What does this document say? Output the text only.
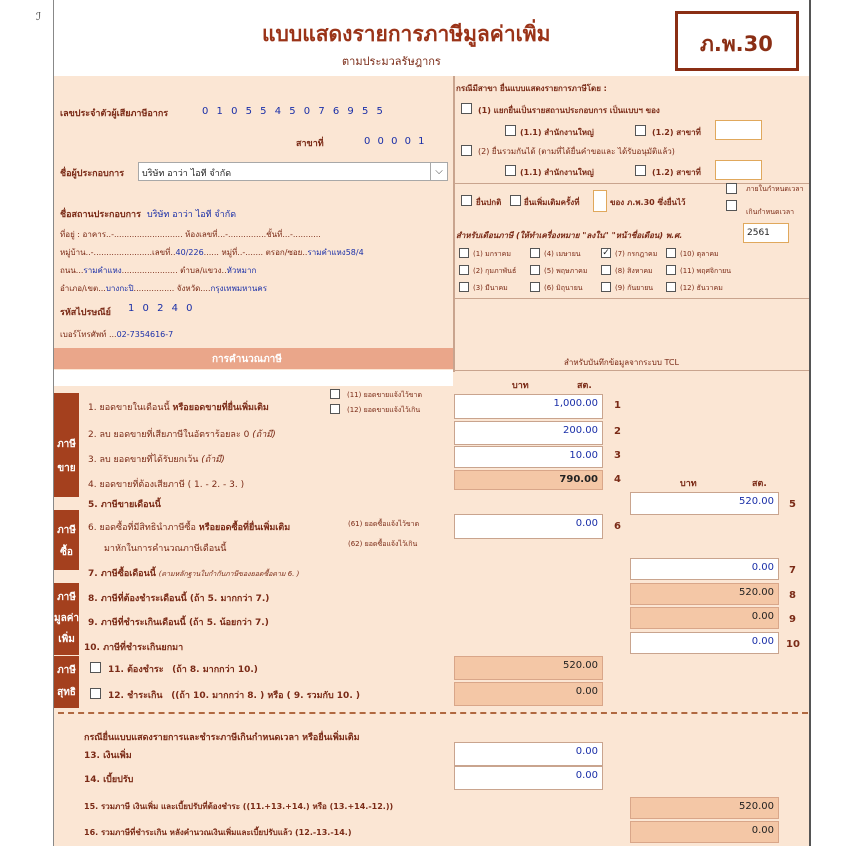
ℐ
แบบแสดงรายการภาษีมูลค่าเพิ่ม
ตามประมวลรัษฎากร
ภ.พ.30
เลขประจำตัวผู้เสียภาษีอากร	0 1 0 5 5 4 5 0 7 6 9 5 5
สาขาที่	0 0 0 0 1
ชื่อผู้ประกอบการ บริษัท อาว่า ไอที จำกัด	⌵
ชื่อสถานประกอบการ บริษัท อาว่า ไอที จำกัด
ที่อยู่ : อาคาร..-........................... ห้องเลขที่...-...............ชั้นที่...-...........
หมู่บ้าน..-.......................เลขที่..40/226...... หมู่ที่..-....... ตรอก/ซอย..รามคำแหง58/4
ถนน...รามคำแหง...................... ตำบล/แขวง..หัวหมาก
อำเภอ/เขต...บางกะปิ................ จังหวัด....กรุงเทพมหานคร
รหัสไปรษณีย์ 1 0 2 4 0
เบอร์โทรศัพท์ ...02-7354616-7
การคำนวณภาษี
กรณีมีสาขา ยื่นแบบแสดงรายการภาษีโดย :
(1) แยกยื่นเป็นรายสถานประกอบการ เป็นแบบฯ ของ
(1.1) สำนักงานใหญ่	(1.2) สาขาที่
(2) ยื่นรวมกันได้ (ตามที่ได้ยื่นคำขอและ ได้รับอนุมัติแล้ว)
(1.1) สำนักงานใหญ่	(1.2) สาขาที่
ยื่นปกติ	ยื่นเพิ่มเติมครั้งที่	ของ ภ.พ.30 ซึ่งยื่นไว้
ภายในกำหนดเวลา
เกินกำหนดเวลา
สำหรับเดือนภาษี (ให้ทำเครื่องหมาย "ลงใน" "หน้าชื่อเดือน) พ.ศ.	2561
(1) มกราคม	(4) เมษายน ✓ (7) กรกฎาคม	(10) ตุลาคม
(2) กุมภาพันธ์	(5) พฤษภาคม	(8) สิงหาคม	(11) พฤศจิกายน
(3) มีนาคม	(6) มิถุนายน	(9) กันยายน	(12) ธันวาคม
สำหรับบันทึกข้อมูลจากระบบ TCL
บาท	สต.
ภาษี
ขาย
ภาษี
ซื้อ
ภาษี
มูลค่า
เพิ่ม
ภาษี
สุทธิ
(11) ยอดขายแจ้งไว้ขาด
(12) ยอดขายแจ้งไว้เกิน
1. ยอดขายในเดือนนี้ หรือยอดขายที่ยื่นเพิ่มเติม	1,000.00
2. ลบ ยอดขายที่เสียภาษีในอัตราร้อยละ 0 (ถ้ามี)	200.00
3. ลบ ยอดขายที่ได้รับยกเว้น (ถ้ามี)	10.00
4. ยอดขายที่ต้องเสียภาษี ( 1. - 2. - 3. )	790.00	บาท	สต.
5. ภาษีขายเดือนนี้	520.00
6. ยอดซื้อที่มีสิทธินำภาษีซื้อ หรือยอดซื้อที่ยื่นเพิ่มเติม
มาหักในการคำนวณภาษีเดือนนี้
(61) ยอดซื้อแจ้งไว้ขาด
(62) ยอดซื้อแจ้งไว้เกิน
0.00
7. ภาษีซื้อเดือนนี้ (ตามหลักฐานใบกำกับภาษีของยอดซื้อตาม 6. )
0.00
8. ภาษีที่ต้องชำระเดือนนี้ (ถ้า 5. มากกว่า 7.)
520.00
9. ภาษีที่ชำระเกินเดือนนี้ (ถ้า 5. น้อยกว่า 7.)
0.00
10. ภาษีที่ชำระเกินยกมา
0.00
11. ต้องชำระ (ถ้า 8. มากกว่า 10.)	520.00
12. ชำระเกิน ((ถ้า 10. มากกว่า 8. ) หรือ ( 9. รวมกับ 10. )	0.00
กรณียื่นแบบแสดงรายการและชำระภาษีเกินกำหนดเวลา หรือยื่นเพิ่มเติม
13. เงินเพิ่ม	0.00
14. เบี้ยปรับ	0.00
15. รวมภาษี เงินเพิ่ม และเบี้ยปรับที่ต้องชำระ ((11.+13.+14.) หรือ (13.+14.-12.))	520.00
16. รวมภาษีที่ชำระเกิน หลังคำนวณเงินเพิ่มและเบี้ยปรับแล้ว (12.-13.-14.)	0.00
1
2
3
4
5
6
7
8
9
10
